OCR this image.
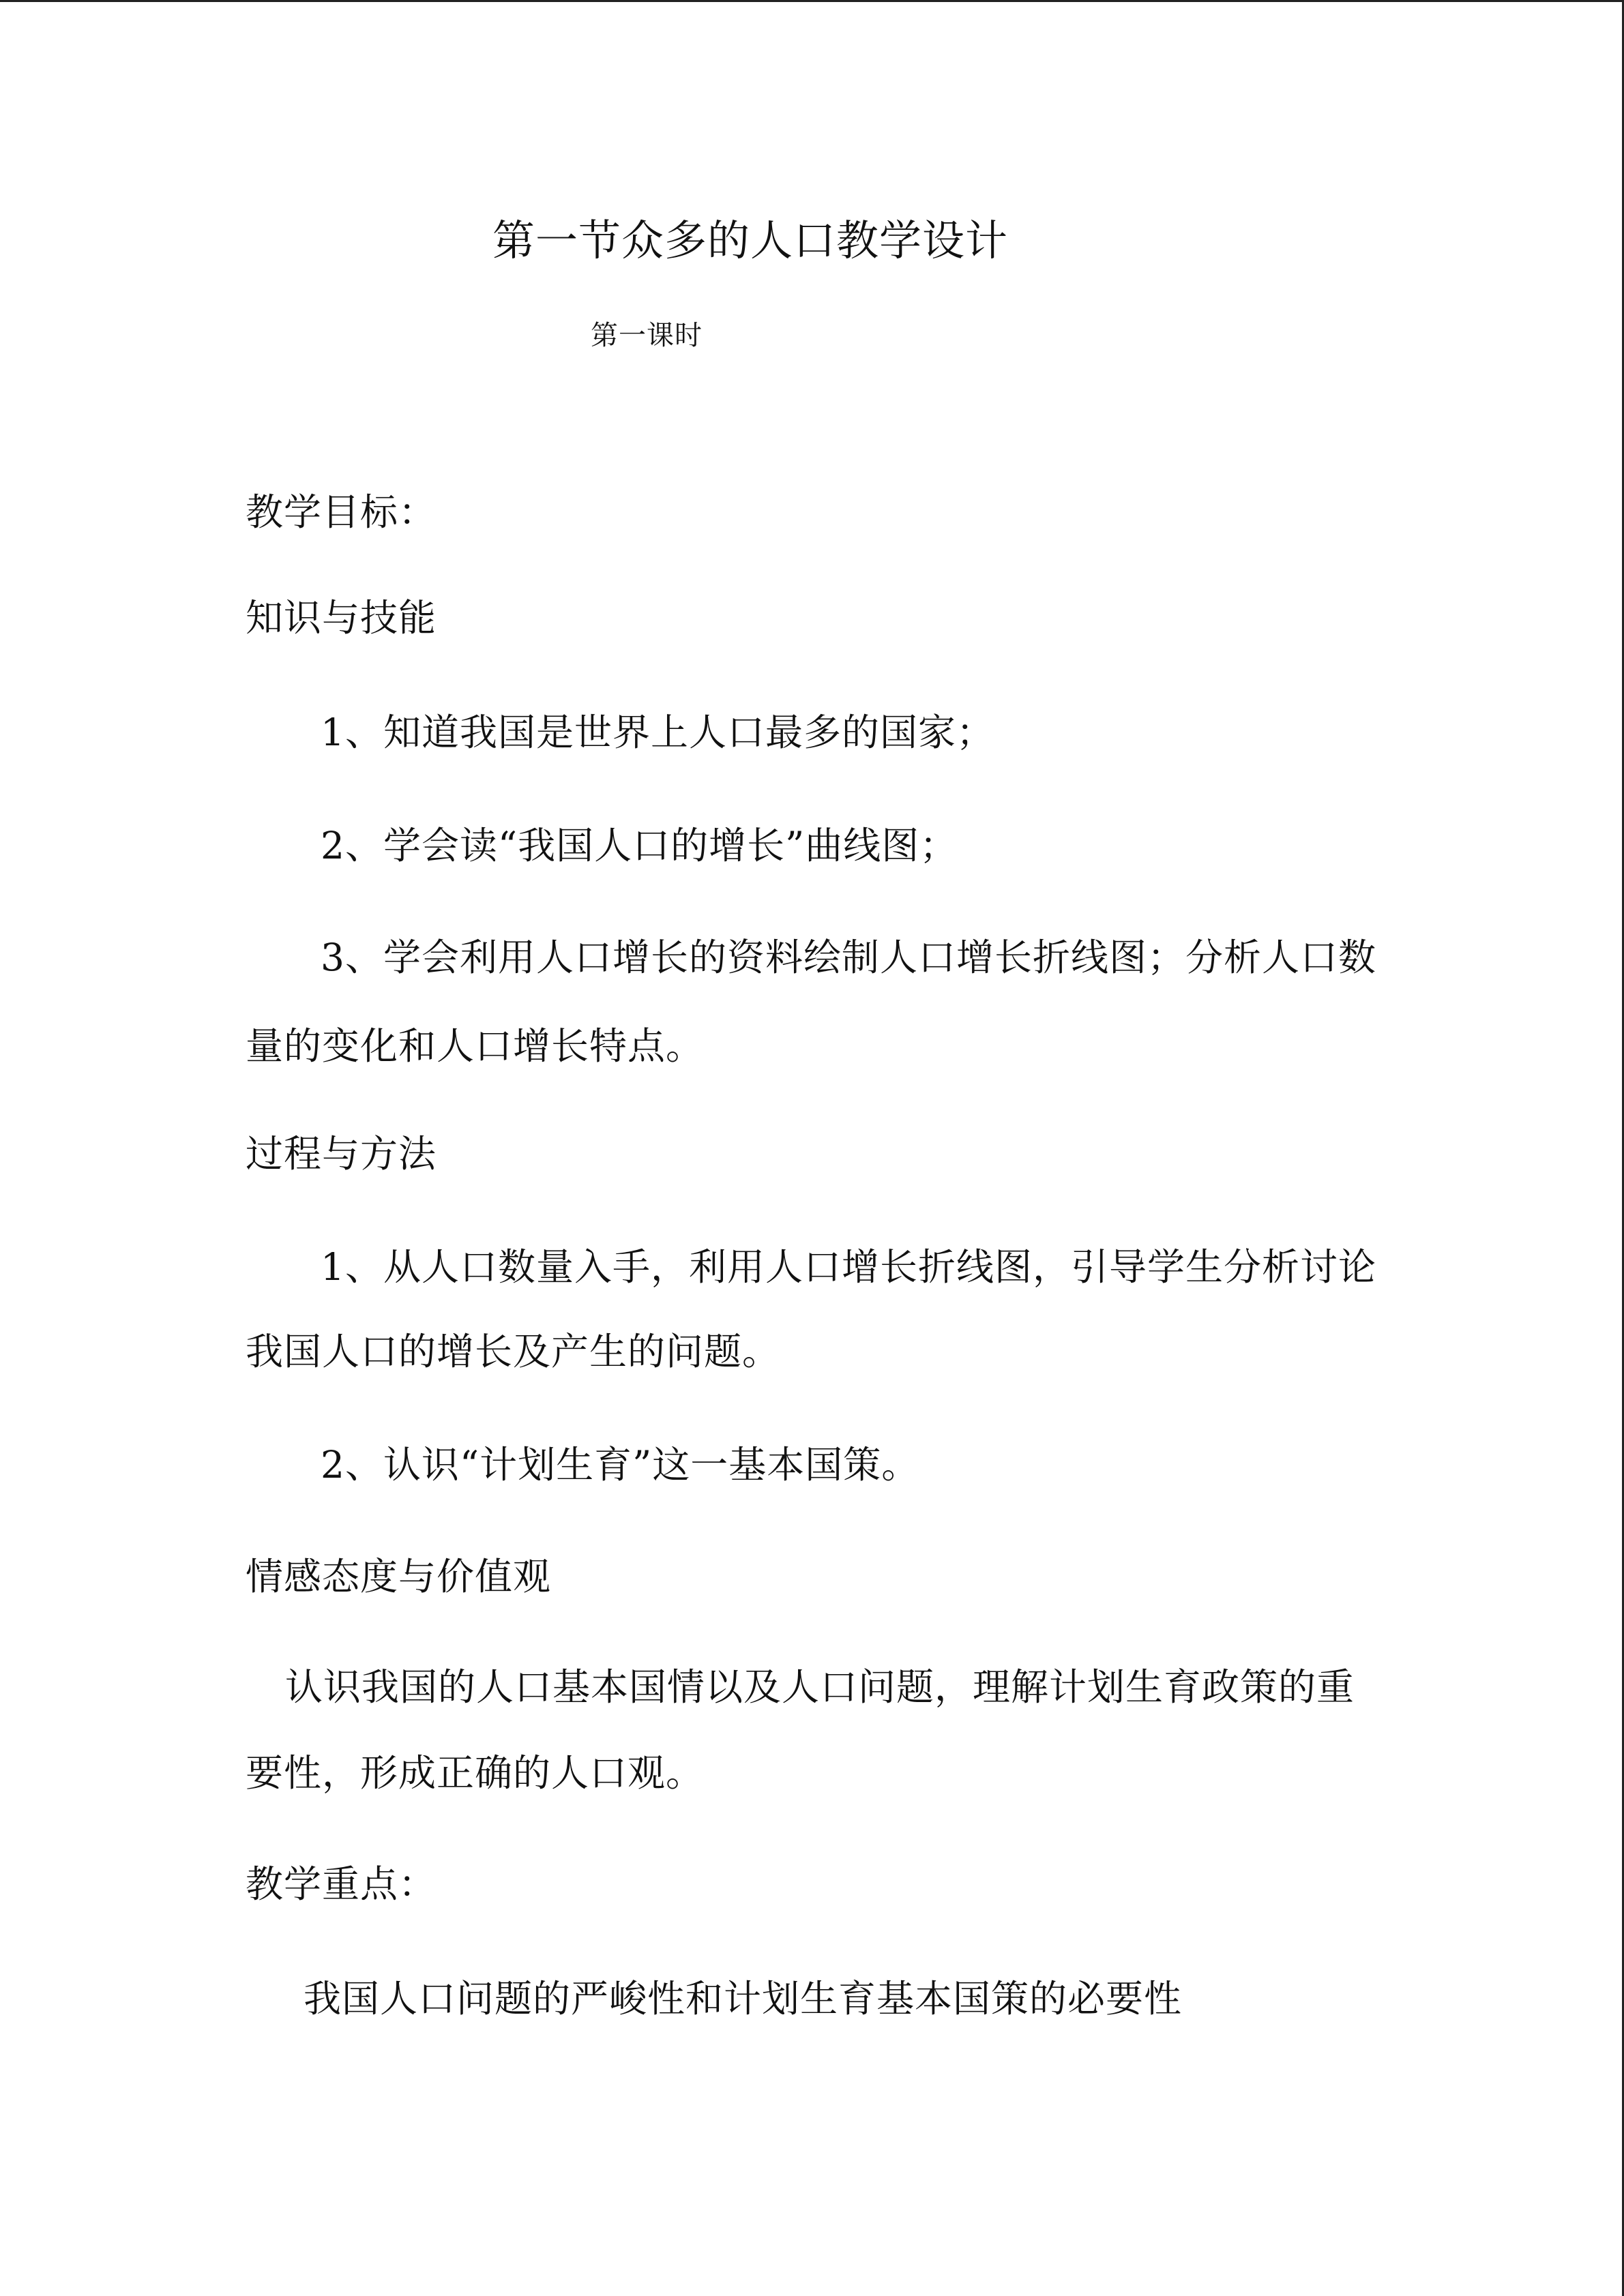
第一节众多的人口教学设计

第一课时

教学目标：

知识与技能

1、知道我国是世界上人口最多的国家；

2、学会读“我国人口的增长”曲线图；

3、学会利用人口增长的资料绘制人口增长折线图；分析人口数

量的变化和人口增长特点。

过程与方法

1、从人口数量入手，利用人口增长折线图，引导学生分析讨论

我国人口的增长及产生的问题。

2、认识“计划生育”这一基本国策。

情感态度与价值观

认识我国的人口基本国情以及人口问题，理解计划生育政策的重

要性，形成正确的人口观。

教学重点：

我国人口问题的严峻性和计划生育基本国策的必要性
